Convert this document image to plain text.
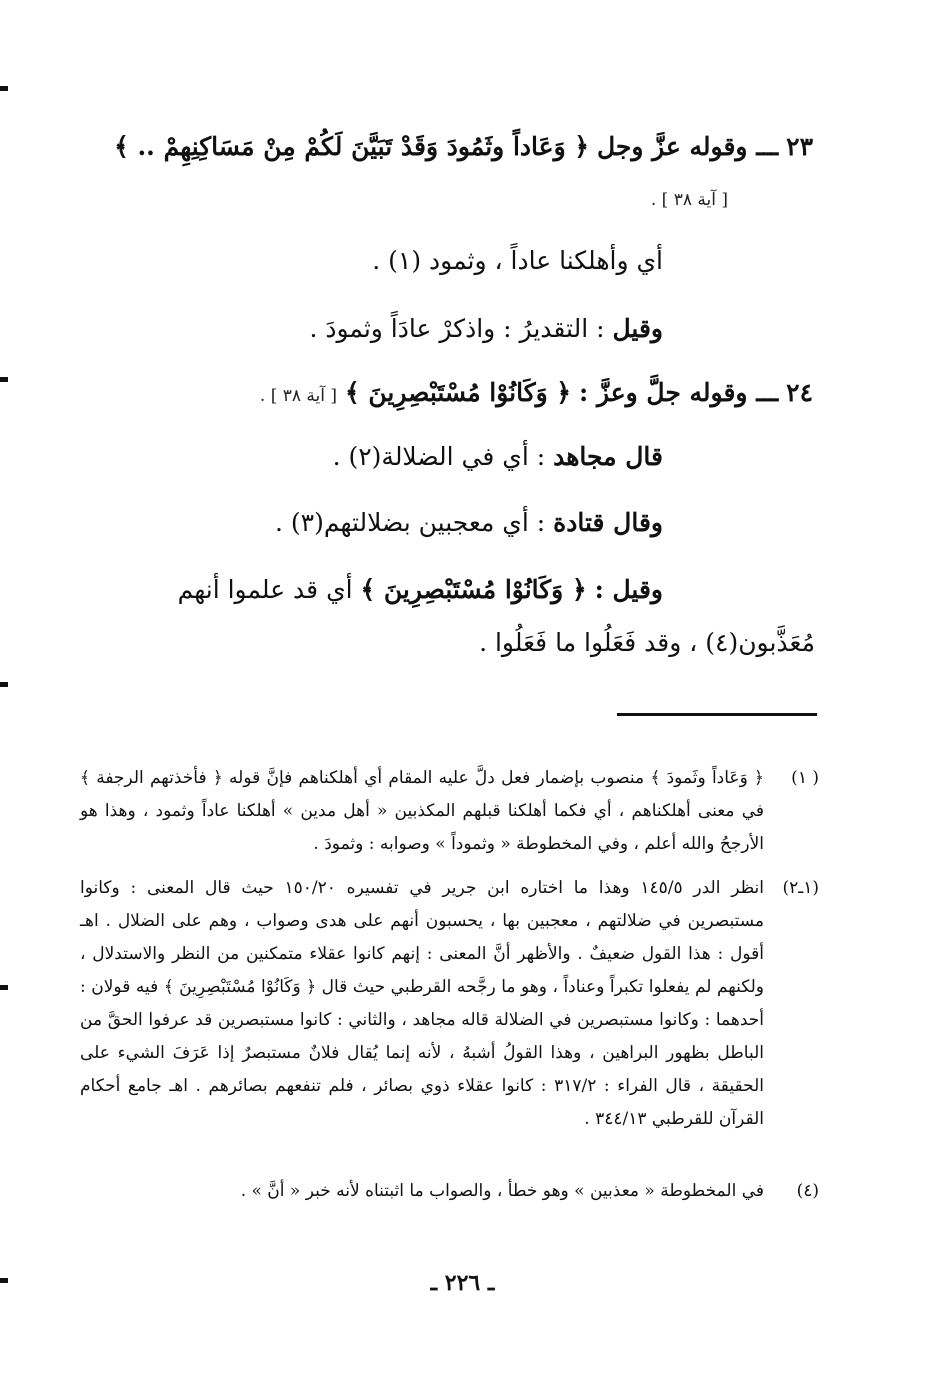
٢٣ ـــ وقوله عزَّ وجل ﴿ وَعَاداً وثَمُودَ وَقَدْ تَبَيَّنَ لَكُمْ مِنْ مَسَاكِنِهِمْ .. ﴾
[ آية ٣٨ ] .
أي وأهلكنا عاداً ، وثمود (١) .
وقيل : التقديرُ : واذكرْ عادَاً وثمودَ .
٢٤ ـــ وقوله جلَّ وعزَّ : ﴿ وَكَانُوْا مُسْتَبْصِرِينَ ﴾ [ آية ٣٨ ] .
قال مجاهد : أي في الضلالة(٢) .
وقال قتادة : أي معجبين بضلالتهم(٣) .
وقيل : ﴿ وَكَانُوْا مُسْتَبْصِرِينَ ﴾ أي قد علموا أنهم
مُعَذَّبون(٤) ، وقد فَعَلُوا ما فَعَلُوا .
( ١)
﴿ وَعَاداً وثَمودَ ﴾ منصوب بإضمار فعل دلَّ عليه المقام أي أهلكناهم فإنَّ قوله ﴿ فأخذتهم الرجفة ﴾ في معنى أهلكناهم ، أي فكما أهلكنا قبلهم المكذبين « أهل مدين » أهلكنا عاداً وثمود ، وهذا هو الأرجحُ والله أعلم ، وفي المخطوطة « وثموداً » وصوابه : وثمودَ .
(١ـ٢)
انظر الدر ١٤٥/٥ وهذا ما اختاره ابن جرير في تفسيره ١٥٠/٢٠ حيث قال المعنى : وكانوا مستبصرين في ضلالتهم ، معجبين بها ، يحسبون أنهم على هدى وصواب ، وهم على الضلال . اهـ أقول : هذا القول ضعيفٌ . والأظهر أنَّ المعنى : إنهم كانوا عقلاء متمكنين من النظر والاستدلال ، ولكنهم لم يفعلوا تكبراً وعناداً ، وهو ما رجَّحه القرطبي حيث قال ﴿ وَكَانُوْا مُسْتَبْصِرِينَ ﴾ فيه قولان : أحدهما : وكانوا مستبصرين في الضلالة قاله مجاهد ، والثاني : كانوا مستبصرين قد عرفوا الحقَّ من الباطل بظهور البراهين ، وهذا القولُ أشبهُ ، لأنه إنما يُقال فلانٌ مستبصرٌ إذا عَرَفَ الشيء على الحقيقة ، قال الفراء : ٣١٧/٢ : كانوا عقلاء ذوي بصائر ، فلم تنفعهم بصائرهم . اهـ جامع أحكام القرآن للقرطبي ٣٤٤/١٣ .
(٤)
في المخطوطة « معذبين » وهو خطأ ، والصواب ما اثبتناه لأنه خبر « أنَّ » .
ـ ٢٢٦ ـ
